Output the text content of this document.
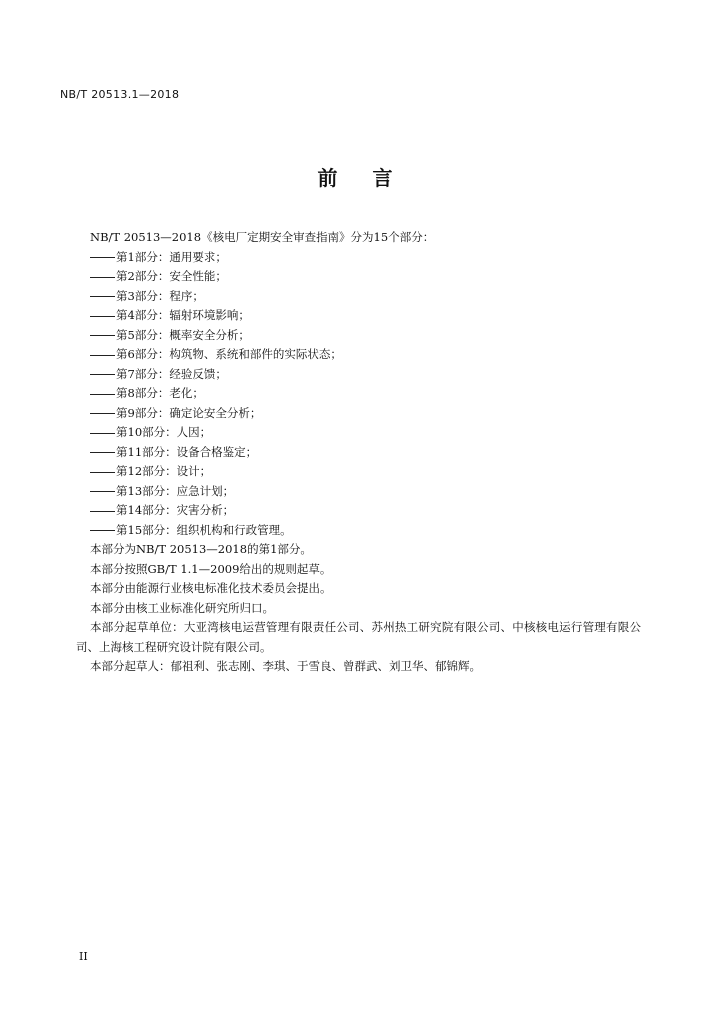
NB/T 20513.1—2018
前 言

NB/T 20513—2018《核电厂定期安全审查指南》分为15个部分：

第1部分：通用要求；
第2部分：安全性能；
第3部分：程序；
第4部分：辐射环境影响；
第5部分：概率安全分析；
第6部分：构筑物、系统和部件的实际状态；
第7部分：经验反馈；
第8部分：老化；
第9部分：确定论安全分析；
第10部分：人因；
第11部分：设备合格鉴定；
第12部分：设计；
第13部分：应急计划；
第14部分：灾害分析；
第15部分：组织机构和行政管理。

本部分为NB/T 20513—2018的第1部分。

本部分按照GB/T 1.1—2009给出的规则起草。

本部分由能源行业核电标准化技术委员会提出。

本部分由核工业标准化研究所归口。

本部分起草单位：大亚湾核电运营管理有限责任公司、苏州热工研究院有限公司、中核核电运行管理有限公司、上海核工程研究设计院有限公司。

本部分起草人：郁祖利、张志刚、李琪、于雪良、曾群武、刘卫华、郁锦辉。

II
